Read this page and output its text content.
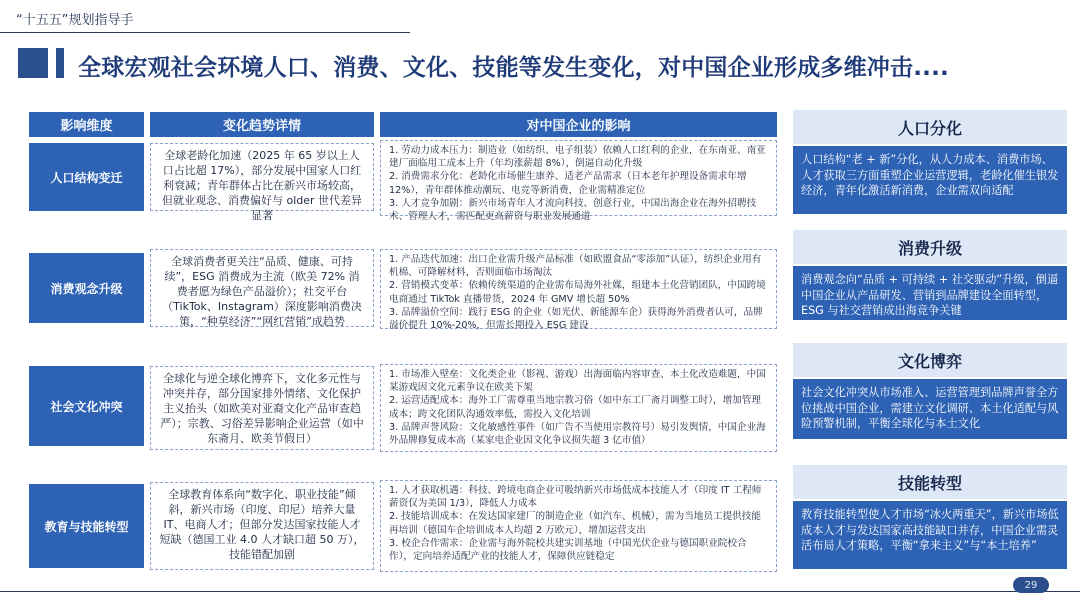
“十五五”规划指导手
全球宏观社会环境人口、消费、文化、技能等发生变化，对中国企业形成多维冲击....
影响维度	变化趋势详情	对中国企业的影响
人口结构变迁
全球老龄化加速（2025 年 65 岁以上人口占比超 17%），部分发展中国家人口红利衰减；青年群体占比在新兴市场较高，但就业观念、消费偏好与 older 世代差异显著
1. 劳动力成本压力：制造业（如纺织、电子组装）依赖人口红利的企业，在东南亚、南亚建厂面临用工成本上升（年均涨薪超 8%），倒逼自动化升级
2. 消费需求分化：老龄化市场催生康养、适老产品需求（日本老年护理设备需求年增 12%），青年群体推动潮玩、电竞等新消费，企业需精准定位
3. 人才竞争加剧：新兴市场青年人才流向科技、创意行业，中国出海企业在海外招聘技术、管理人才，需匹配更高薪资与职业发展通道
消费观念升级
全球消费者更关注“品质、健康、可持续”，ESG 消费成为主流（欧美 72% 消费者愿为绿色产品溢价）；社交平台（TikTok、Instagram）深度影响消费决策，“种草经济”“网红营销”成趋势
1. 产品迭代加速：出口企业需升级产品标准（如欧盟食品“零添加”认证），纺织企业用有机棉、可降解材料，否则面临市场淘汰
2. 营销模式变革：依赖传统渠道的企业需布局海外社媒，组建本土化营销团队，中国跨境电商通过 TikTok 直播带货，2024 年 GMV 增长超 50%
3. 品牌溢价空间：践行 ESG 的企业（如光伏、新能源车企）获得海外消费者认可，品牌溢价提升 10%-20%，但需长期投入 ESG 建设
社会文化冲突
全球化与逆全球化博弈下，文化多元性与冲突并存，部分国家排外情绪、文化保护主义抬头（如欧美对亚裔文化产品审查趋严）；宗教、习俗差异影响企业运营（如中东斋月、欧美节假日）
1. 市场准入壁垒：文化类企业（影视、游戏）出海面临内容审查、本土化改造难题，中国某游戏因文化元素争议在欧美下架
2. 运营适配成本：海外工厂需尊重当地宗教习俗（如中东工厂斋月调整工时），增加管理成本；跨文化团队沟通效率低，需投入文化培训
3. 品牌声誉风险：文化敏感性事件（如广告不当使用宗教符号）易引发舆情，中国企业海外品牌修复成本高（某家电企业因文化争议损失超 3 亿市值）
教育与技能转型
全球教育体系向“数字化、职业技能”倾斜，新兴市场（印度、印尼）培养大量 IT、电商人才；但部分发达国家技能人才短缺（德国工业 4.0 人才缺口超 50 万），技能错配加剧
1. 人才获取机遇：科技、跨境电商企业可吸纳新兴市场低成本技能人才（印度 IT 工程师薪资仅为美国 1/3），降低人力成本
2. 技能培训成本：在发达国家建厂的制造企业（如汽车、机械），需为当地员工提供技能再培训（德国车企培训成本人均超 2 万欧元），增加运营支出
3. 校企合作需求：企业需与海外院校共建实训基地（中国光伏企业与德国职业院校合作），定向培养适配产业的技能人才，保障供应链稳定
人口分化
人口结构“老 + 新”分化，从人力成本、消费市场、人才获取三方面重塑企业运营逻辑，老龄化催生银发经济，青年化激活新消费，企业需双向适配
消费升级
消费观念向“品质 + 可持续 + 社交驱动”升级，倒逼中国企业从产品研发、营销到品牌建设全面转型，ESG 与社交营销成出海竞争关键
文化博弈
社会文化冲突从市场准入、运营管理到品牌声誉全方位挑战中国企业，需建立文化调研、本土化适配与风险预警机制，平衡全球化与本土文化
技能转型
教育技能转型使人才市场“冰火两重天”，新兴市场低成本人才与发达国家高技能缺口并存，中国企业需灵活布局人才策略，平衡“拿来主义”与“本土培养”
29
